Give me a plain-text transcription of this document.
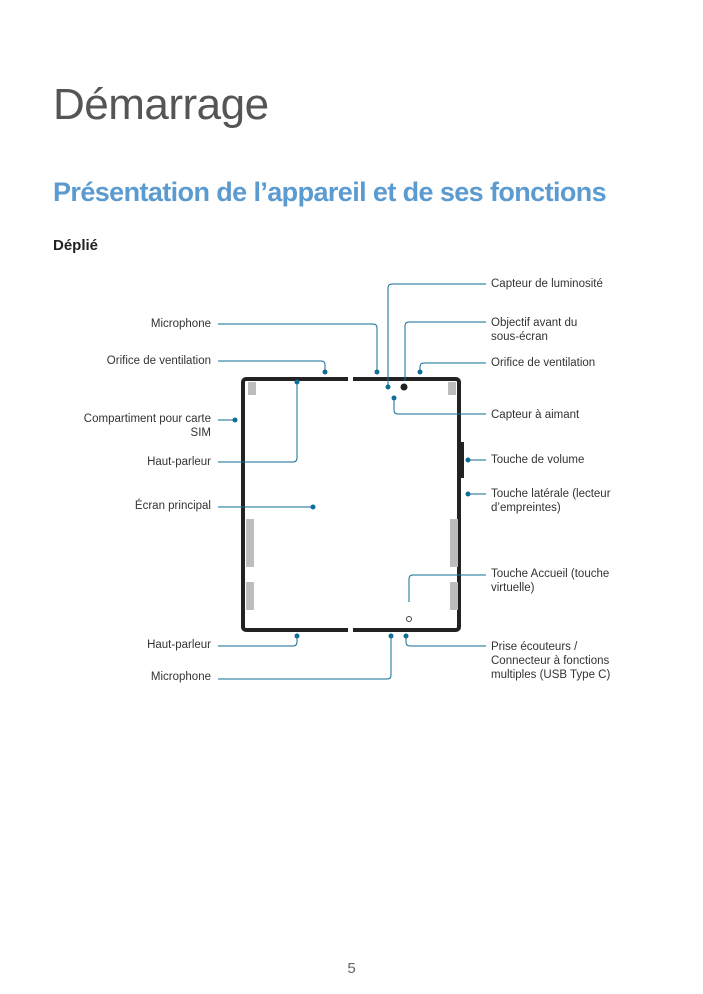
Démarrage
Présentation de l’appareil et de ses fonctions
Déplié
Microphone
Orifice de ventilation
Compartiment pour carte
SIM
Haut-parleur
Écran principal
Haut-parleur
Microphone
Capteur de luminosité
Objectif avant du
sous-écran
Orifice de ventilation
Capteur à aimant
Touche de volume
Touche latérale (lecteur
d’empreintes)
Touche Accueil (touche
virtuelle)
Prise écouteurs /
Connecteur à fonctions
multiples (USB Type C)
5
